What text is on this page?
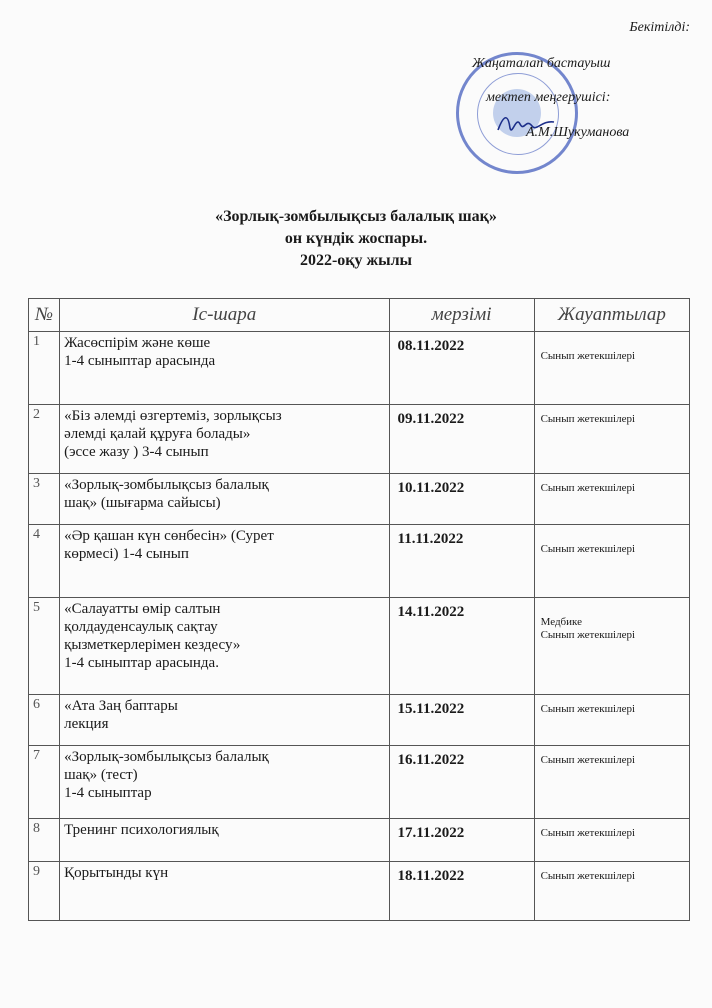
Бекітілді:
Жаңаталап бастауыш
мектеп меңгерушісі:
А.М.Шукуманова
«Зорлық-зомбылықсыз балалық шақ»
он күндік жоспары.
2022-оқу жылы
№	Іс-шара	мерзімі	Жауаптылар
1	Жасөспірім және көше
1-4 сыныптар арасында	08.11.2022	Сынып жетекшілері
2	«Біз әлемді өзгертеміз, зорлықсыз
әлемді қалай құруға болады»
(эссе жазу ) 3-4 сынып	09.11.2022	Сынып жетекшілері
3	«Зорлық-зомбылықсыз балалық
шақ» (шығарма сайысы)	10.11.2022	Сынып жетекшілері
4	«Әр қашан күн сөнбесін» (Сурет
көрмесі) 1-4 сынып	11.11.2022	Сынып жетекшілері
5	«Салауатты өмір салтын
қолдауденсаулық сақтау
қызметкерлерімен кездесу»
1-4 сыныптар арасында.	14.11.2022	Медбике
Сынып жетекшілері
6	«Ата Заң баптары
лекция	15.11.2022	Сынып жетекшілері
7	«Зорлық-зомбылықсыз балалық
шақ» (тест)
1-4 сыныптар	16.11.2022	Сынып жетекшілері
8	Тренинг психологиялық	17.11.2022	Сынып жетекшілері
9	Қорытынды күн	18.11.2022	Сынып жетекшілері
